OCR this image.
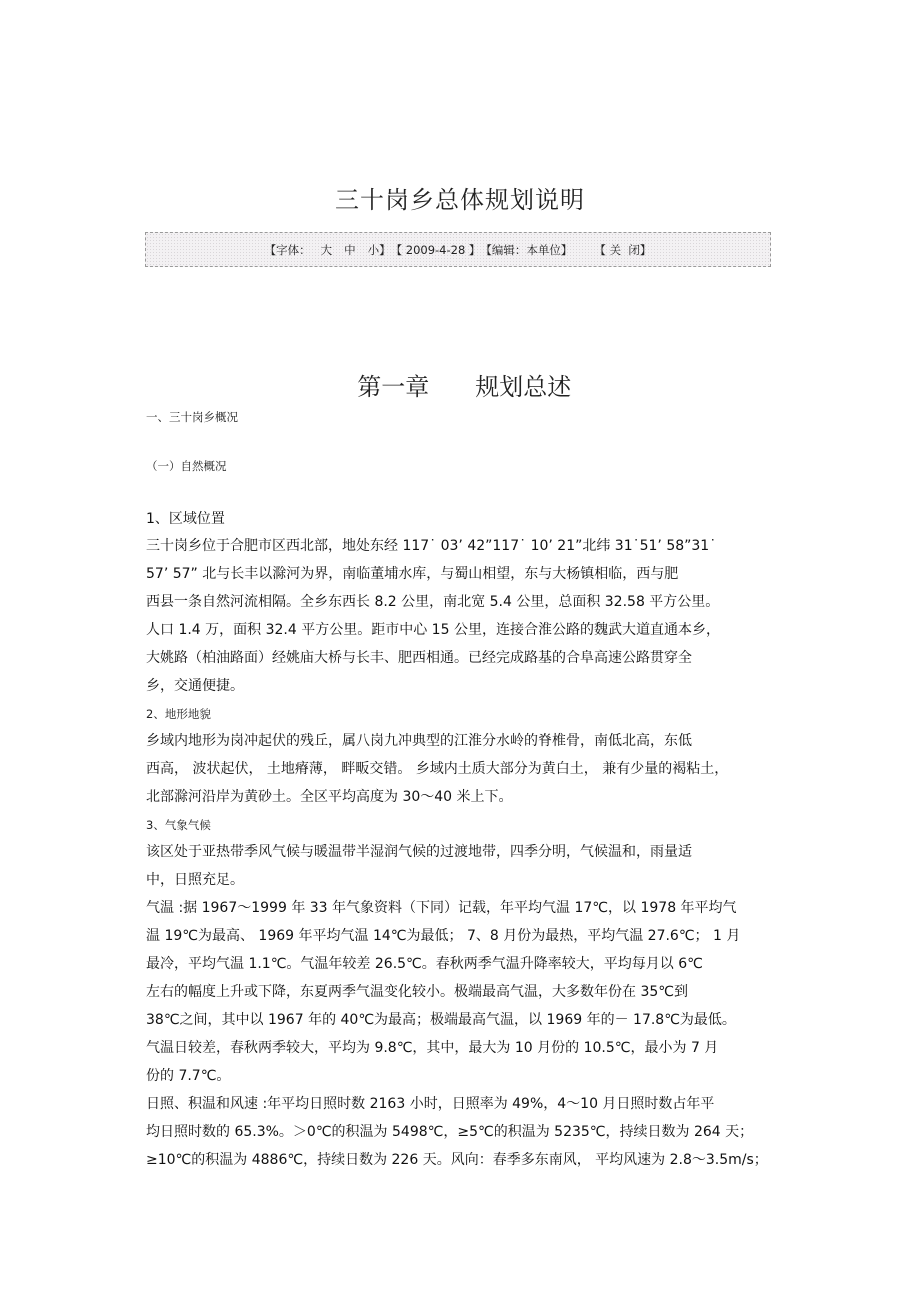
三十岗乡总体规划说明
【字体： 大 中 小】 【 2009-4-28 】 【编辑：本单位】 【 关  闭】

第一章 规划总述

一、三十岗乡概况
（一）自然概况
1、区域位置
三十岗乡位于合肥市区西北部，地处东经 117˙ 03’ 42”117˙ 10’ 21”北纬 31˙51’ 58”31˙
57’ 57” 北与长丰以滁河为界，南临董埔水库，与蜀山相望，东与大杨镇相临，西与肥
西县一条自然河流相隔。全乡东西长 8.2 公里，南北宽 5.4 公里，总面积 32.58 平方公里。
人口 1.4 万，面积 32.4 平方公里。距市中心 15 公里，连接合淮公路的魏武大道直通本乡，
大姚路（柏油路面）经姚庙大桥与长丰、肥西相通。已经完成路基的合阜高速公路贯穿全
乡，交通便捷。
2、地形地貌
乡域内地形为岗冲起伏的残丘，属八岗九冲典型的江淮分水岭的脊椎骨，南低北高，东低
西高， 波状起伏， 土地瘠薄， 畔畈交错。 乡域内土质大部分为黄白土， 兼有少量的褐粘土，
北部滁河沿岸为黄砂土。全区平均高度为 30～40 米上下。
3、气象气候
该区处于亚热带季风气候与暖温带半湿润气候的过渡地带，四季分明，气候温和，雨量适
中，日照充足。
气温 :据 1967～1999 年 33 年气象资料（下同）记载，年平均气温 17℃，以 1978 年平均气
温 19℃为最高、 1969 年平均气温 14℃为最低； 7、8 月份为最热，平均气温 27.6℃； 1 月
最冷，平均气温 1.1℃。气温年较差 26.5℃。春秋两季气温升降率较大，平均每月以 6℃
左右的幅度上升或下降，东夏两季气温变化较小。极端最高气温，大多数年份在 35℃到
38℃之间，其中以 1967 年的 40℃为最高；极端最高气温，以 1969 年的－ 17.8℃为最低。
气温日较差，春秋两季较大，平均为 9.8℃，其中，最大为 10 月份的 10.5℃，最小为 7 月
份的 7.7℃。
日照、积温和风速 :年平均日照时数 2163 小时，日照率为 49%，4～10 月日照时数占年平
均日照时数的 65.3%。＞0℃的积温为 5498℃，≥5℃的积温为 5235℃，持续日数为 264 天；
≥10℃的积温为 4886℃，持续日数为 226 天。风向：春季多东南风， 平均风速为 2.8～3.5m/s；
